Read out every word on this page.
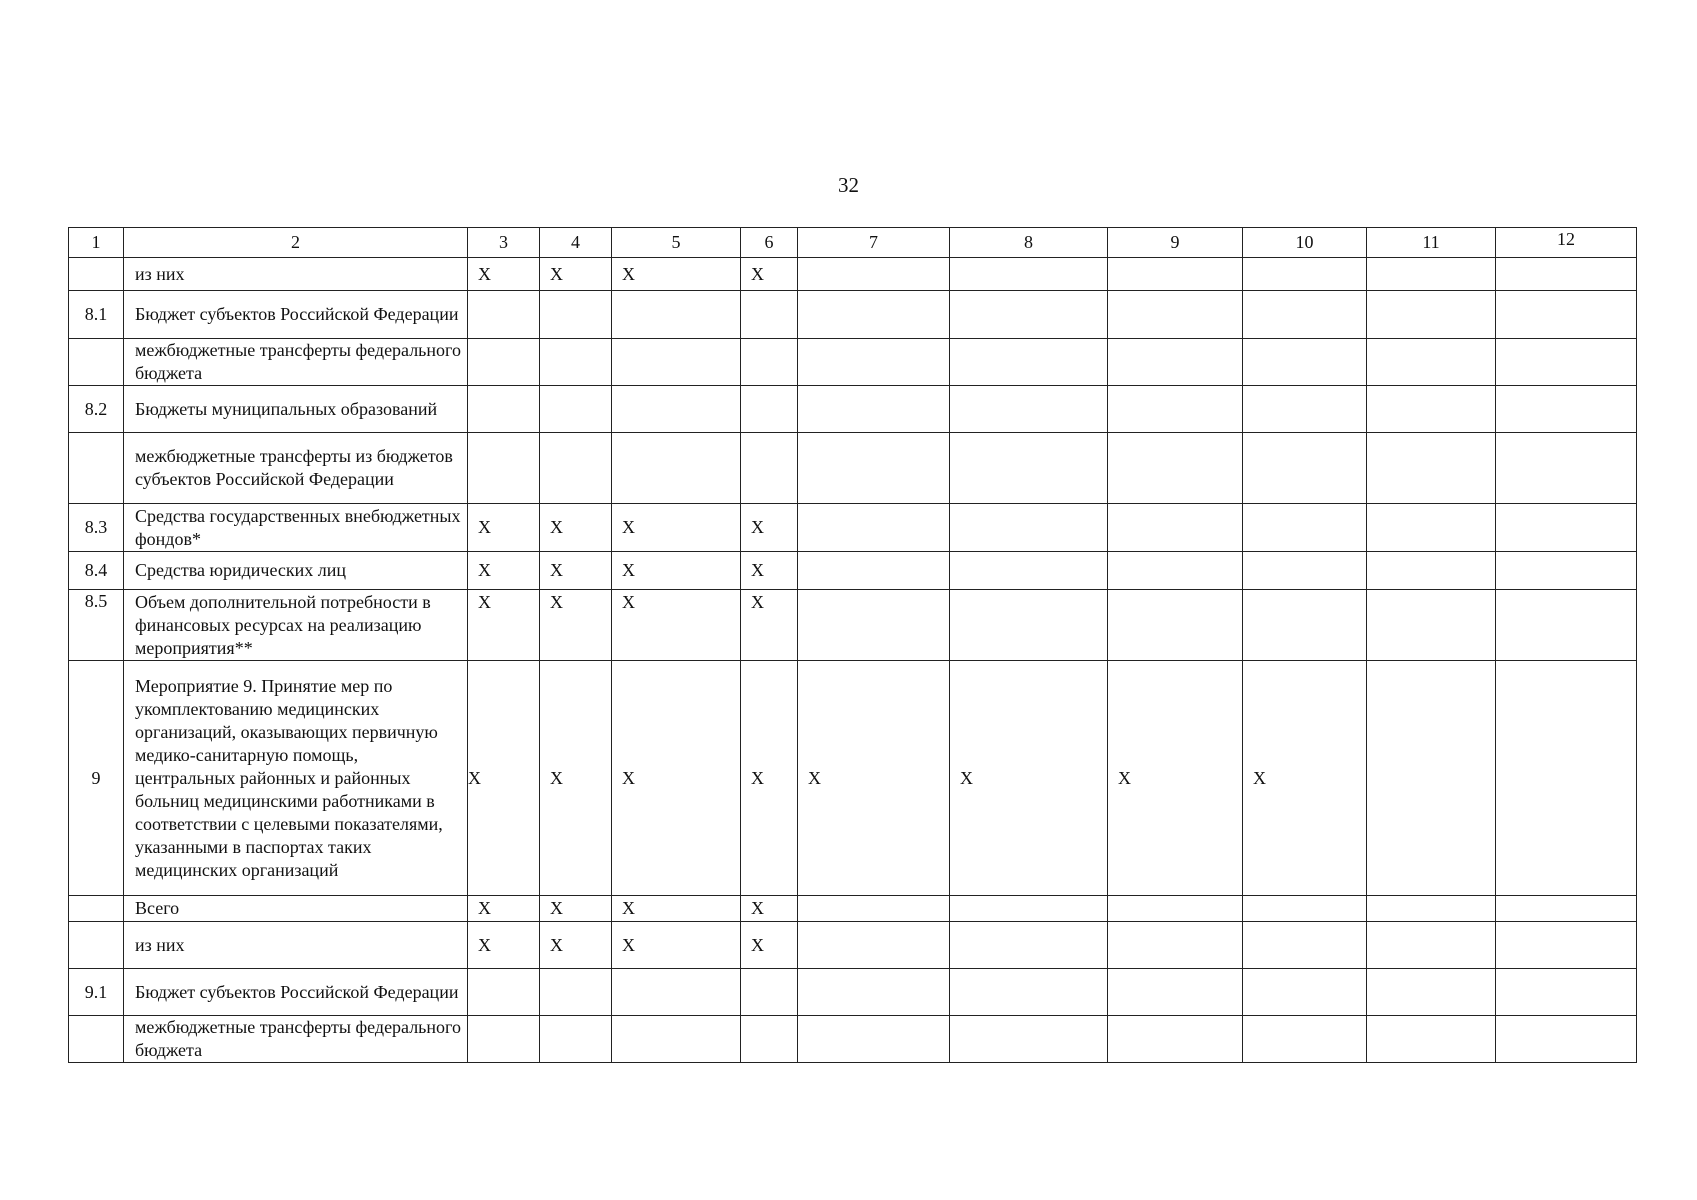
32
1	2	3	4	5	6	7	8	9	10	11	12
	из них	X	X	X	X						
8.1	Бюджет субъектов Российской Федерации										
	межбюджетные трансферты федерального бюджета										
8.2	Бюджеты муниципальных образований										
	межбюджетные трансферты из бюджетов субъектов Российской Федерации										
8.3	Средства государственных внебюджетных фондов*	X	X	X	X						
8.4	Средства юридических лиц	X	X	X	X						
8.5	Объем дополнительной потребности в финансовых ресурсах на реализацию мероприятия**	X	X	X	X						
9	Мероприятие 9. Принятие мер по укомплектованию медицинских организаций, оказывающих первичную медико-санитарную помощь, центральных районных и районных больниц медицинскими работниками в соответствии с целевыми показателями, указанными в паспортах таких медицинских организаций	X	X	X	X	X	X	X	X		
	Всего	X	X	X	X						
	из них	X	X	X	X						
9.1	Бюджет субъектов Российской Федерации										
	межбюджетные трансферты федерального бюджета										
